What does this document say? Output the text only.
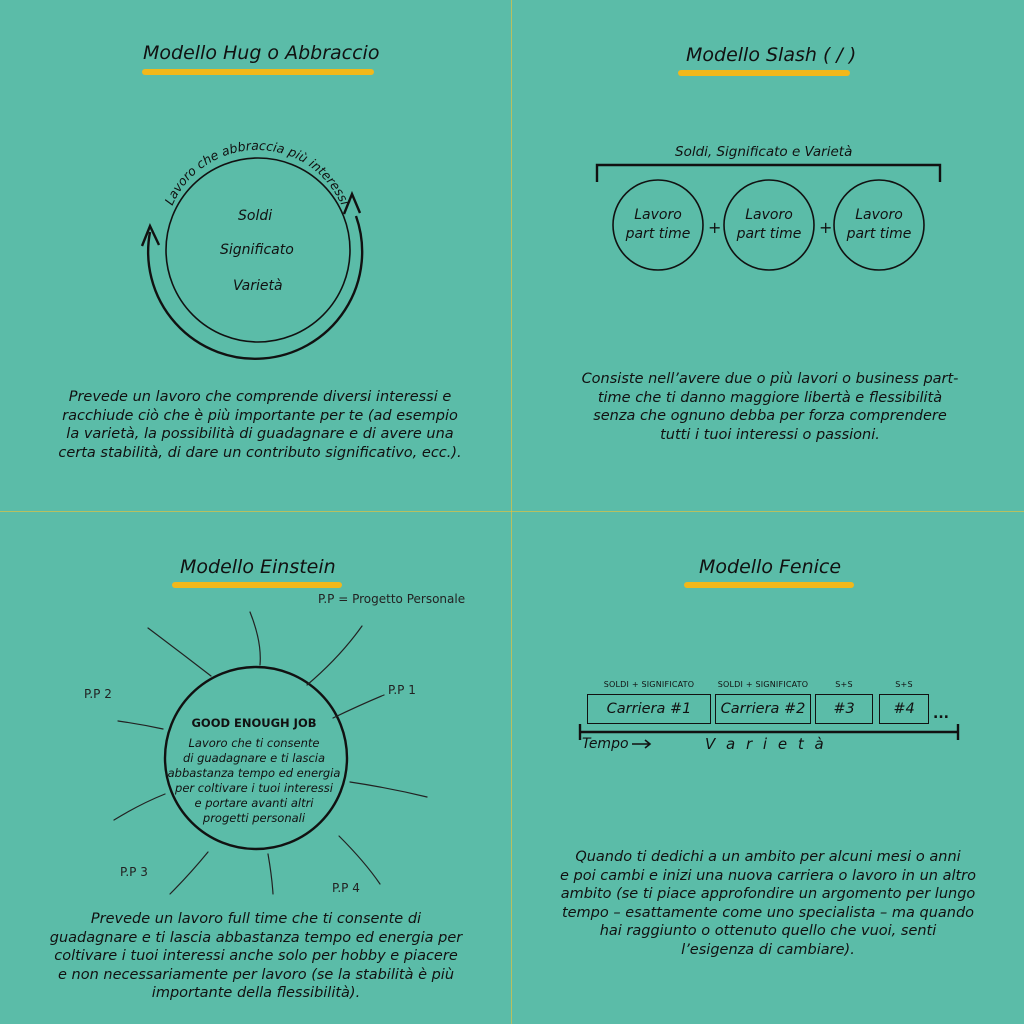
Modello Hug o Abbraccio
Lavoro che abbraccia più interessi
Soldi
Significato
Varietà
Prevede un lavoro che comprende diversi interessi e
racchiude ciò che è più importante per te (ad esempio
la varietà, la possibilità di guadagnare e di avere una
certa stabilità, di dare un contributo significativo, ecc.).
Modello Slash ( / )
Soldi, Significato e Varietà
Lavoro
part time
Lavoro
part time
Lavoro
part time
+	+
Consiste nell’avere due o più lavori o business part-
time che ti danno maggiore libertà e flessibilità
senza che ognuno debba per forza comprendere
tutti i tuoi interessi o passioni.
Modello Einstein
P.P = Progetto Personale
GOOD ENOUGH JOB
Lavoro che ti consente
di guadagnare e ti lascia
abbastanza tempo ed energia
per coltivare i tuoi interessi
e portare avanti altri
progetti personali
P.P 1
P.P 2
P.P 3
P.P 4
Prevede un lavoro full time che ti consente di
guadagnare e ti lascia abbastanza tempo ed energia per
coltivare i tuoi interessi anche solo per hobby e piacere
e non necessariamente per lavoro (se la stabilità è più
importante della flessibilità).
Modello Fenice
SOLDI + SIGNIFICATO	SOLDI + SIGNIFICATO	S+S	S+S
Carriera #1	Carriera #2	#3	#4	...
Tempo	V a r i e t à
Quando ti dedichi a un ambito per alcuni mesi o anni
e poi cambi e inizi una nuova carriera o lavoro in un altro
ambito (se ti piace approfondire un argomento per lungo
tempo – esattamente come uno specialista – ma quando
hai raggiunto o ottenuto quello che vuoi, senti
l’esigenza di cambiare).
